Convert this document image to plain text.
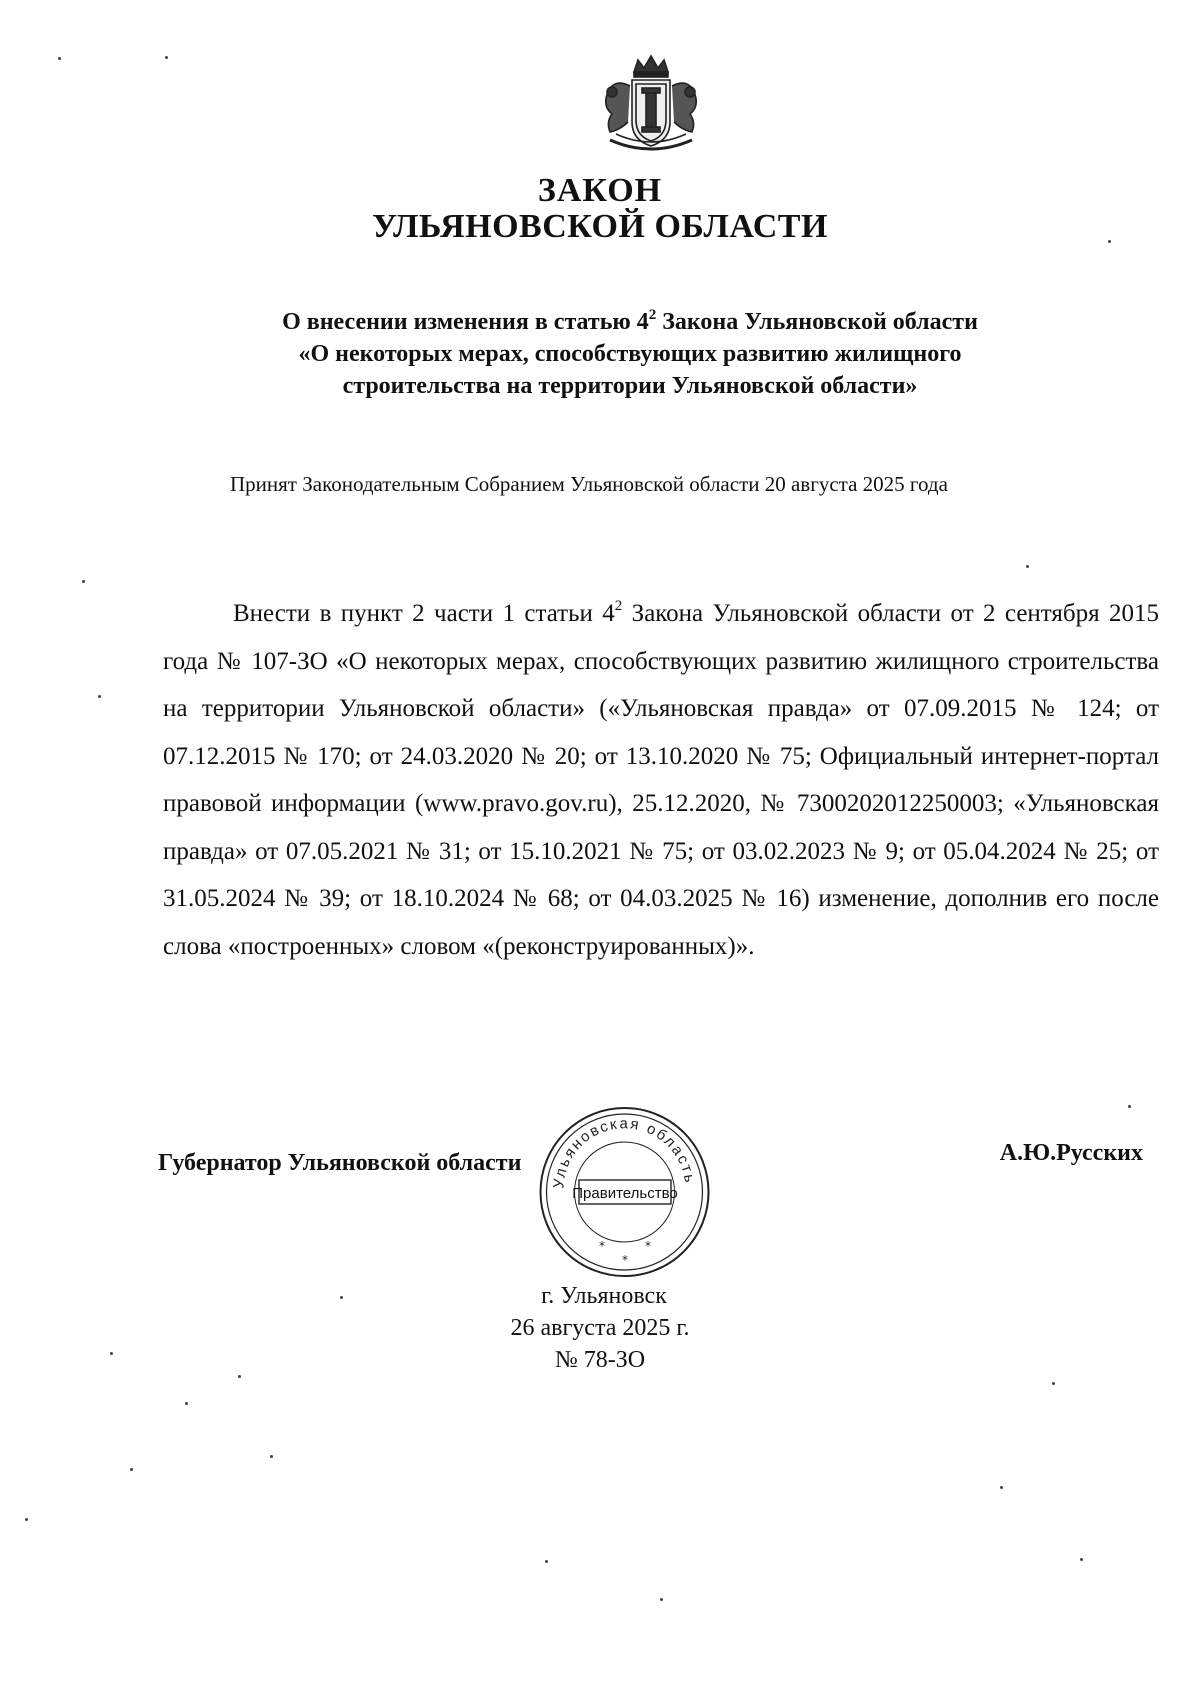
ЗАКОН
УЛЬЯНОВСКОЙ ОБЛАСТИ
О внесении изменения в статью $4^2$ Закона Ульяновской области
«О некоторых мерах, способствующих развитию жилищного
строительства на территории Ульяновской области»
Принят Законодательным Собранием Ульяновской области 20 августа 2025 года
Внести в пункт 2 части 1 статьи $4^2$ Закона Ульяновской области от 2 сентября 2015 года № 107-ЗО «О некоторых мерах, способствующих развитию жилищного строительства на территории Ульяновской области» («Ульяновская правда» от 07.09.2015 № 124; от 07.12.2015 № 170; от 24.03.2020 № 20; от 13.10.2020 № 75; Официальный интернет-портал правовой информации (www.pravo.gov.ru), 25.12.2020, № 7300202012250003; «Ульяновская правда» от 07.05.2021 № 31; от 15.10.2021 № 75; от 03.02.2023 № 9; от 05.04.2024 № 25; от 31.05.2024 № 39; от 18.10.2024 № 68; от 04.03.2025 № 16) изменение, дополнив его после слова «построенных» словом «(реконструированных)».
Губернатор Ульяновской области
Ульяновская область
Правительство
*	*
*
А.Ю.Русских
г. Ульяновск
26 августа 2025 г.
№ 78-ЗО
